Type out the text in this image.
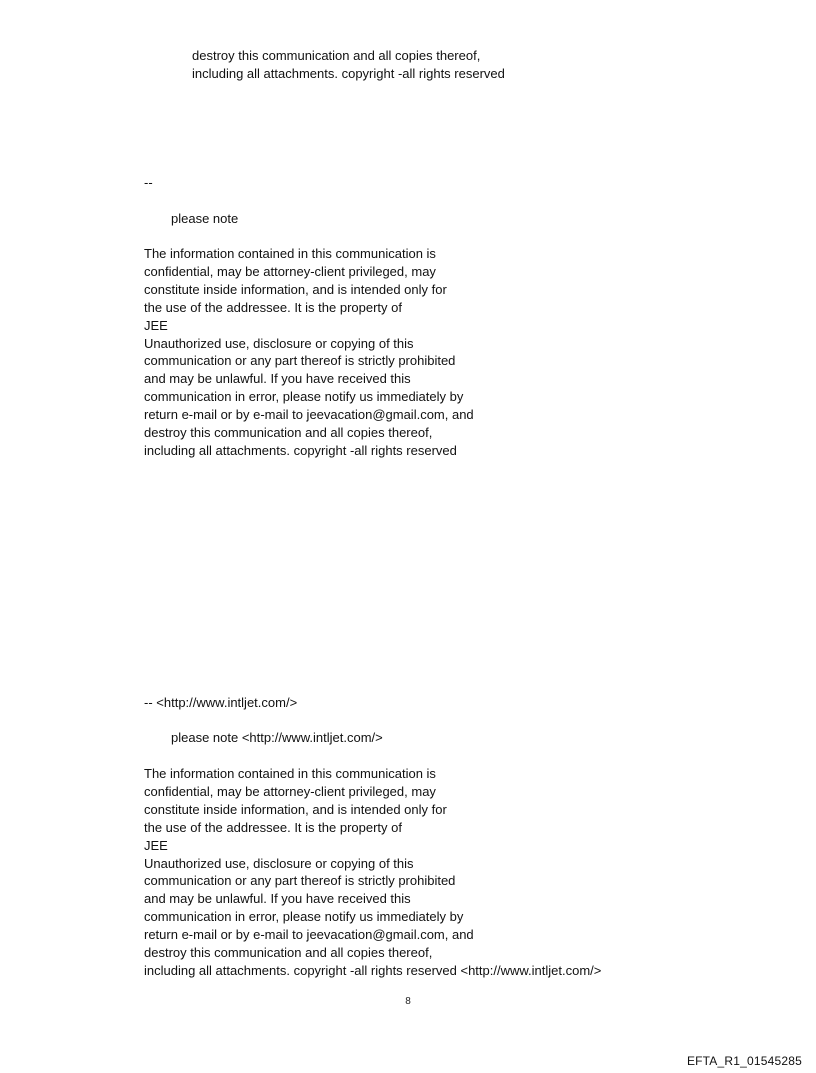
destroy this communication and all copies thereof,
including all attachments. copyright -all rights reserved
--
please note
The information contained in this communication is
confidential, may be attorney-client privileged, may
constitute inside information, and is intended only for
the use of the addressee. It is the property of
JEE
Unauthorized use, disclosure or copying of this
communication or any part thereof is strictly prohibited
and may be unlawful. If you have received this
communication in error, please notify us immediately by
return e-mail or by e-mail to jeevacation@gmail.com, and
destroy this communication and all copies thereof,
including all attachments. copyright -all rights reserved
-- <http://www.intljet.com/>
please note <http://www.intljet.com/>
The information contained in this communication is
confidential, may be attorney-client privileged, may
constitute inside information, and is intended only for
the use of the addressee. It is the property of
JEE
Unauthorized use, disclosure or copying of this
communication or any part thereof is strictly prohibited
and may be unlawful. If you have received this
communication in error, please notify us immediately by
return e-mail or by e-mail to jeevacation@gmail.com, and
destroy this communication and all copies thereof,
including all attachments. copyright -all rights reserved <http://www.intljet.com/>
8
EFTA_R1_01545285
